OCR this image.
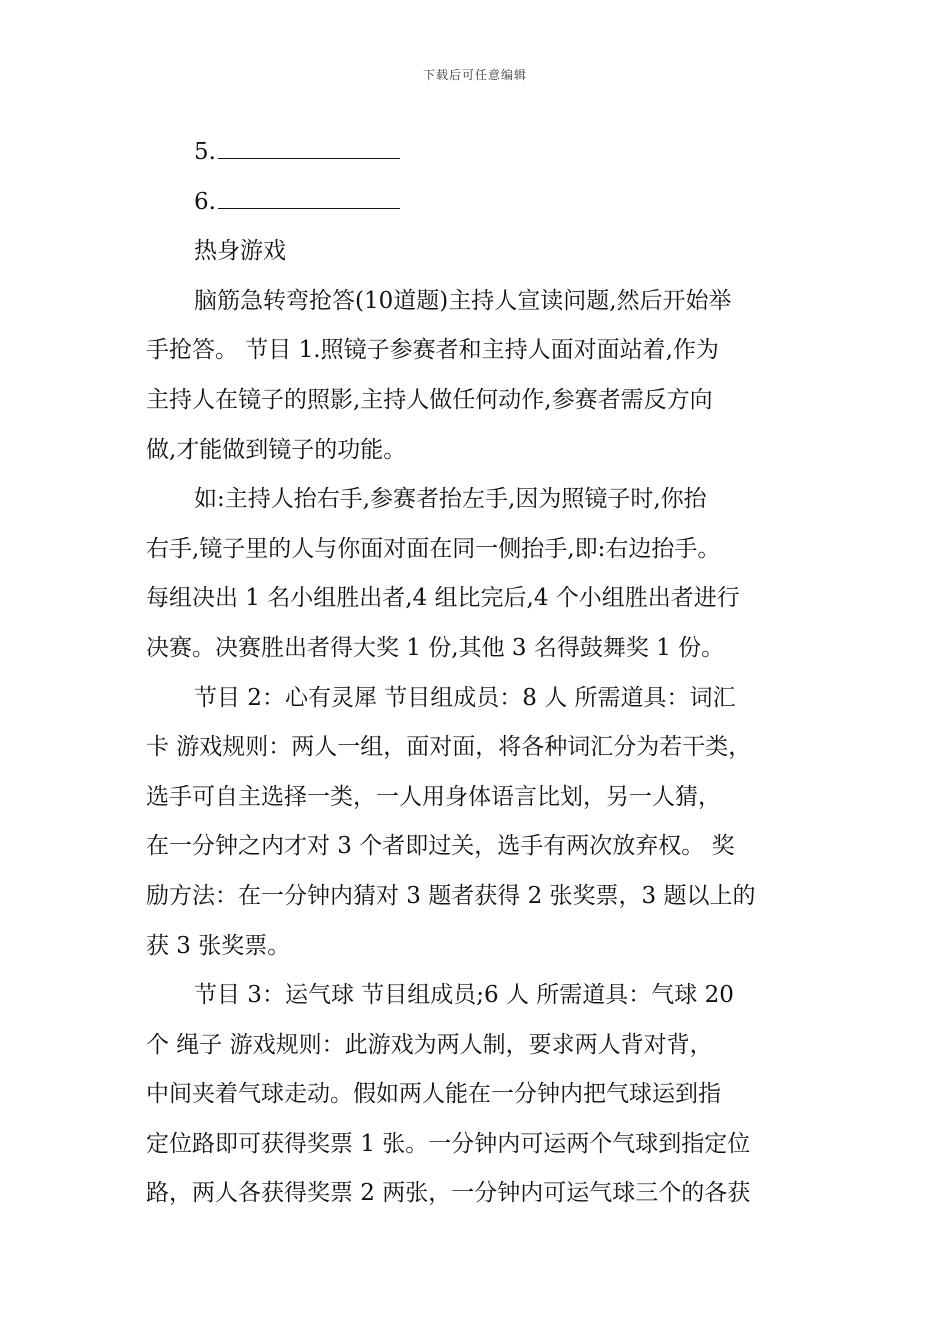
下载后可任意编辑

5.

6.

热身游戏

脑筋急转弯抢答(10道题)主持人宣读问题,然后开始举
手抢答。 节目 1.照镜子参赛者和主持人面对面站着,作为
主持人在镜子的照影,主持人做任何动作,参赛者需反方向
做,才能做到镜子的功能。

如:主持人抬右手,参赛者抬左手,因为照镜子时,你抬
右手,镜子里的人与你面对面在同一侧抬手,即:右边抬手。
每组决出 1 名小组胜出者,4 组比完后,4 个小组胜出者进行
决赛。决赛胜出者得大奖 1 份,其他 3 名得鼓舞奖 1 份。

节目 2：心有灵犀 节目组成员：8 人 所需道具：词汇
卡 游戏规则：两人一组，面对面，将各种词汇分为若干类，
选手可自主选择一类，一人用身体语言比划，另一人猜，
在一分钟之内才对 3 个者即过关，选手有两次放弃权。 奖
励方法：在一分钟内猜对 3 题者获得 2 张奖票，3 题以上的
获 3 张奖票。

节目 3：运气球 节目组成员;6 人 所需道具：气球 20
个 绳子 游戏规则：此游戏为两人制，要求两人背对背，
中间夹着气球走动。假如两人能在一分钟内把气球运到指
定位路即可获得奖票 1 张。一分钟内可运两个气球到指定位
路，两人各获得奖票 2 两张，一分钟内可运气球三个的各获
